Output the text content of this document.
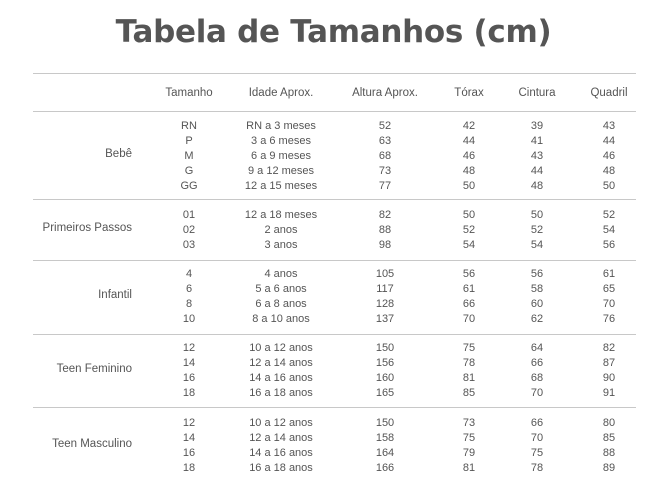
Tabela de Tamanhos (cm)
Tamanho	Idade Aprox.	Altura Aprox.	Tórax	Cintura	Quadril
Bebê
RN	RN a 3 meses	52	42	39	43
P	3 a 6 meses	63	44	41	44
M	6 a 9 meses	68	46	43	46
G	9 a 12 meses	73	48	44	48
GG	12 a 15 meses	77	50	48	50
Primeiros Passos
01	12 a 18 meses	82	50	50	52
02	2 anos	88	52	52	54
03	3 anos	98	54	54	56
Infantil
4	4 anos	105	56	56	61
6	5 a 6 anos	117	61	58	65
8	6 a 8 anos	128	66	60	70
10	8 a 10 anos	137	70	62	76
Teen Feminino
12	10 a 12 anos	150	75	64	82
14	12 a 14 anos	156	78	66	87
16	14 a 16 anos	160	81	68	90
18	16 a 18 anos	165	85	70	91
Teen Masculino
12	10 a 12 anos	150	73	66	80
14	12 a 14 anos	158	75	70	85
16	14 a 16 anos	164	79	75	88
18	16 a 18 anos	166	81	78	89
